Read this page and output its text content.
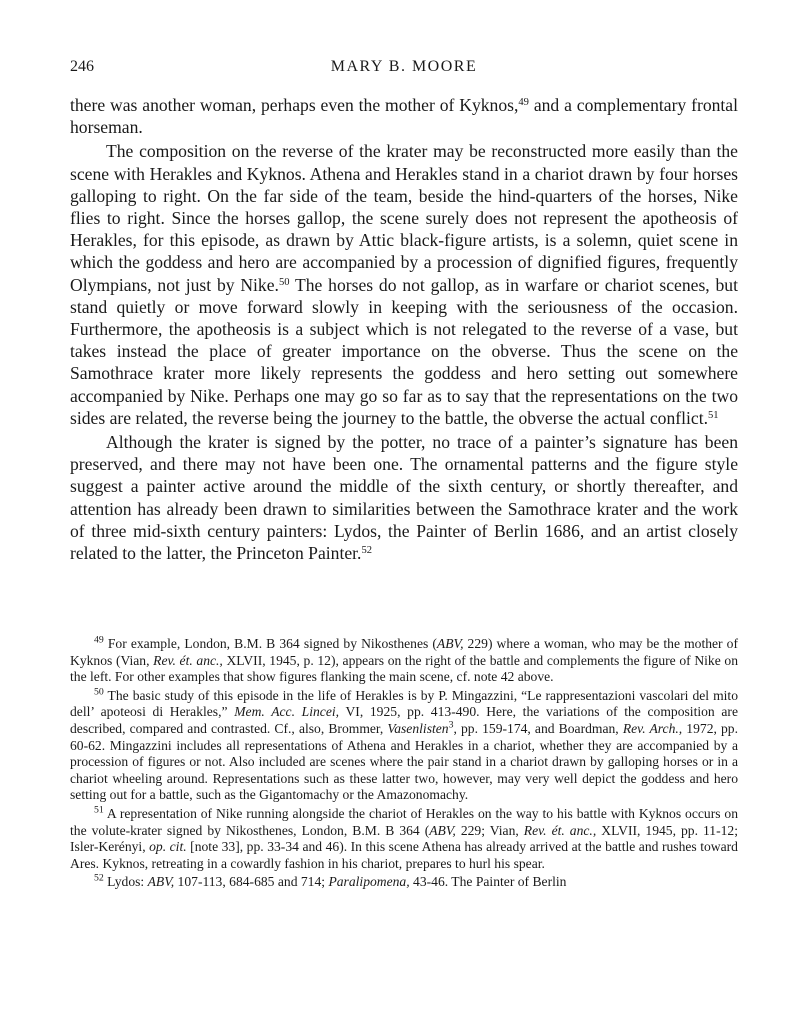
246	MARY B. MOORE

there was another woman, perhaps even the mother of Kyknos,$^{49}$ and a complementary frontal horseman.

The composition on the reverse of the krater may be reconstructed more easily than the scene with Herakles and Kyknos. Athena and Herakles stand in a chariot drawn by four horses galloping to right. On the far side of the team, beside the hind-quarters of the horses, Nike flies to right. Since the horses gallop, the scene surely does not represent the apotheosis of Herakles, for this episode, as drawn by Attic black-figure artists, is a solemn, quiet scene in which the goddess and hero are accompanied by a procession of dignified figures, frequently Olympians, not just by Nike.$^{50}$ The horses do not gallop, as in warfare or chariot scenes, but stand quietly or move forward slowly in keeping with the seriousness of the occasion. Furthermore, the apotheosis is a subject which is not relegated to the reverse of a vase, but takes instead the place of greater importance on the obverse. Thus the scene on the Samothrace krater more likely represents the goddess and hero setting out somewhere accompanied by Nike. Perhaps one may go so far as to say that the representations on the two sides are related, the reverse being the journey to the battle, the obverse the actual conflict.$^{51}$

Although the krater is signed by the potter, no trace of a painter’s signature has been preserved, and there may not have been one. The ornamental patterns and the figure style suggest a painter active around the middle of the sixth century, or shortly thereafter, and attention has already been drawn to similarities between the Samothrace krater and the work of three mid-sixth century painters: Lydos, the Painter of Berlin 1686, and an artist closely related to the latter, the Princeton Painter.$^{52}$

$^{49}$ For example, London, B.M. B 364 signed by Nikosthenes (ABV, 229) where a woman, who may be the mother of Kyknos (Vian, Rev. ét. anc., XLVII, 1945, p. 12), appears on the right of the battle and complements the figure of Nike on the left. For other examples that show figures flanking the main scene, cf. note 42 above.

$^{50}$ The basic study of this episode in the life of Herakles is by P. Mingazzini, “Le rappresentazioni vascolari del mito dell’ apoteosi di Herakles,” Mem. Acc. Lincei, VI, 1925, pp. 413-490. Here, the variations of the composition are described, compared and contrasted. Cf., also, Brommer, Vasenlisten$^3$, pp. 159-174, and Boardman, Rev. Arch., 1972, pp. 60-62. Mingazzini includes all representations of Athena and Herakles in a chariot, whether they are accompanied by a procession of figures or not. Also included are scenes where the pair stand in a chariot drawn by galloping horses or in a chariot wheeling around. Representations such as these latter two, however, may very well depict the goddess and hero setting out for a battle, such as the Gigantomachy or the Amazonomachy.

$^{51}$ A representation of Nike running alongside the chariot of Herakles on the way to his battle with Kyknos occurs on the volute-krater signed by Nikosthenes, London, B.M. B 364 (ABV, 229; Vian, Rev. ét. anc., XLVII, 1945, pp. 11-12; Isler-Kerényi, op. cit. [note 33], pp. 33-34 and 46). In this scene Athena has already arrived at the battle and rushes toward Ares. Kyknos, retreating in a cowardly fashion in his chariot, prepares to hurl his spear.

$^{52}$ Lydos: ABV, 107-113, 684-685 and 714; Paralipomena, 43-46. The Painter of Berlin
